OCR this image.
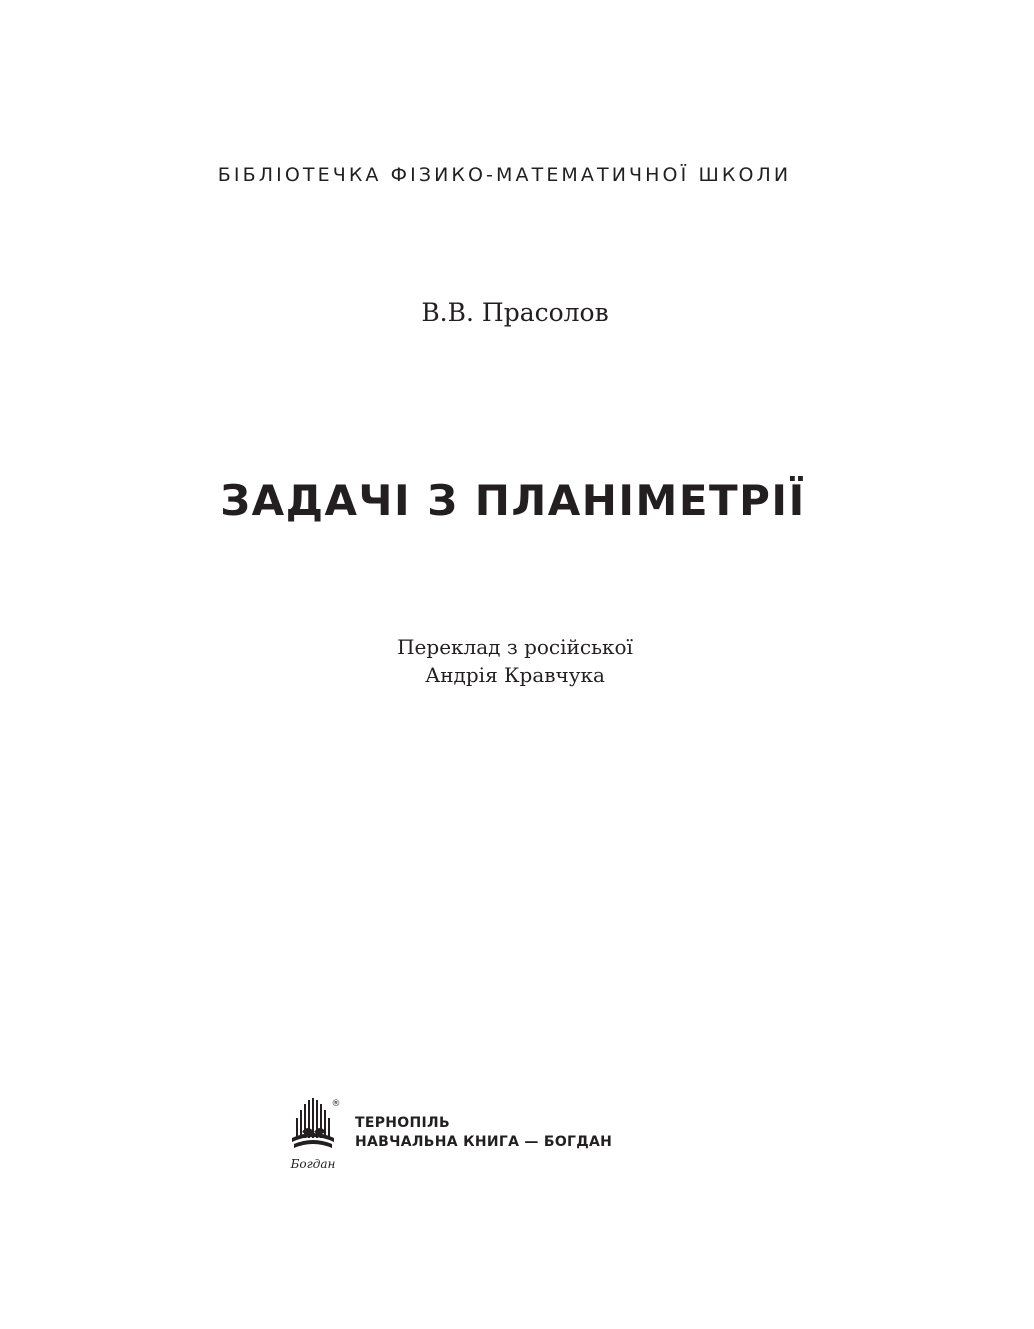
БІБЛІОТЕЧКА ФІЗИКО-МАТЕМАТИЧНОЇ ШКОЛИ
В.В. Прасолов
ЗАДАЧІ З ПЛАНІМЕТРІЇ
Переклад з російської
Андрія Кравчука
Богдан
®
ТЕРНОПІЛЬ
НАВЧАЛЬНА КНИГА — БОГДАН
